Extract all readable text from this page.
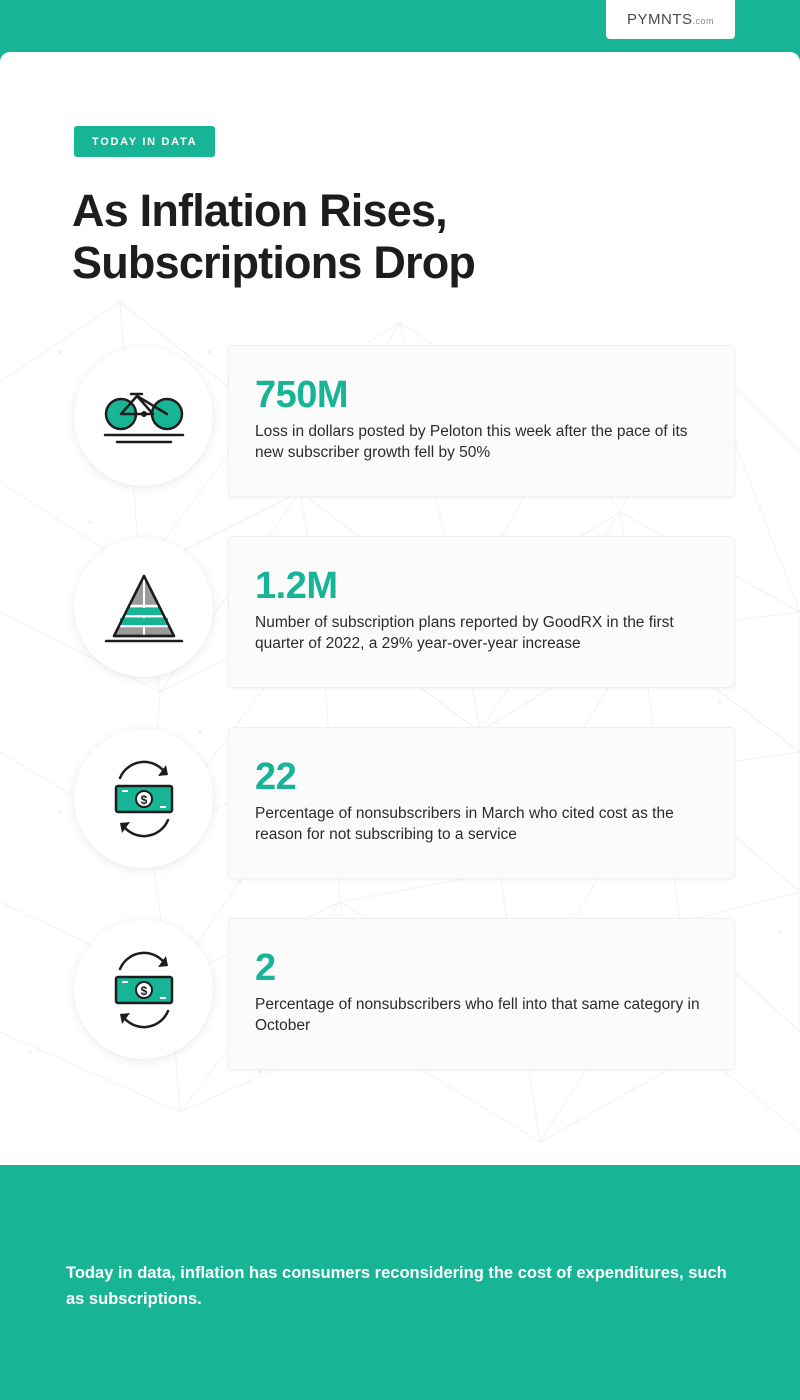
PYMNTS.com
TODAY IN DATA
As Inflation Rises, Subscriptions Drop
750M
Loss in dollars posted by Peloton this week after the pace of its new subscriber growth fell by 50%
1.2M
Number of subscription plans reported by GoodRX in the first quarter of 2022, a 29% year-over-year increase
$
22
Percentage of nonsubscribers in March who cited cost as the reason for not subscribing to a service
$
2
Percentage of nonsubscribers who fell into that same category in October
Today in data, inflation has consumers reconsidering the cost of expenditures, such as subscriptions.
